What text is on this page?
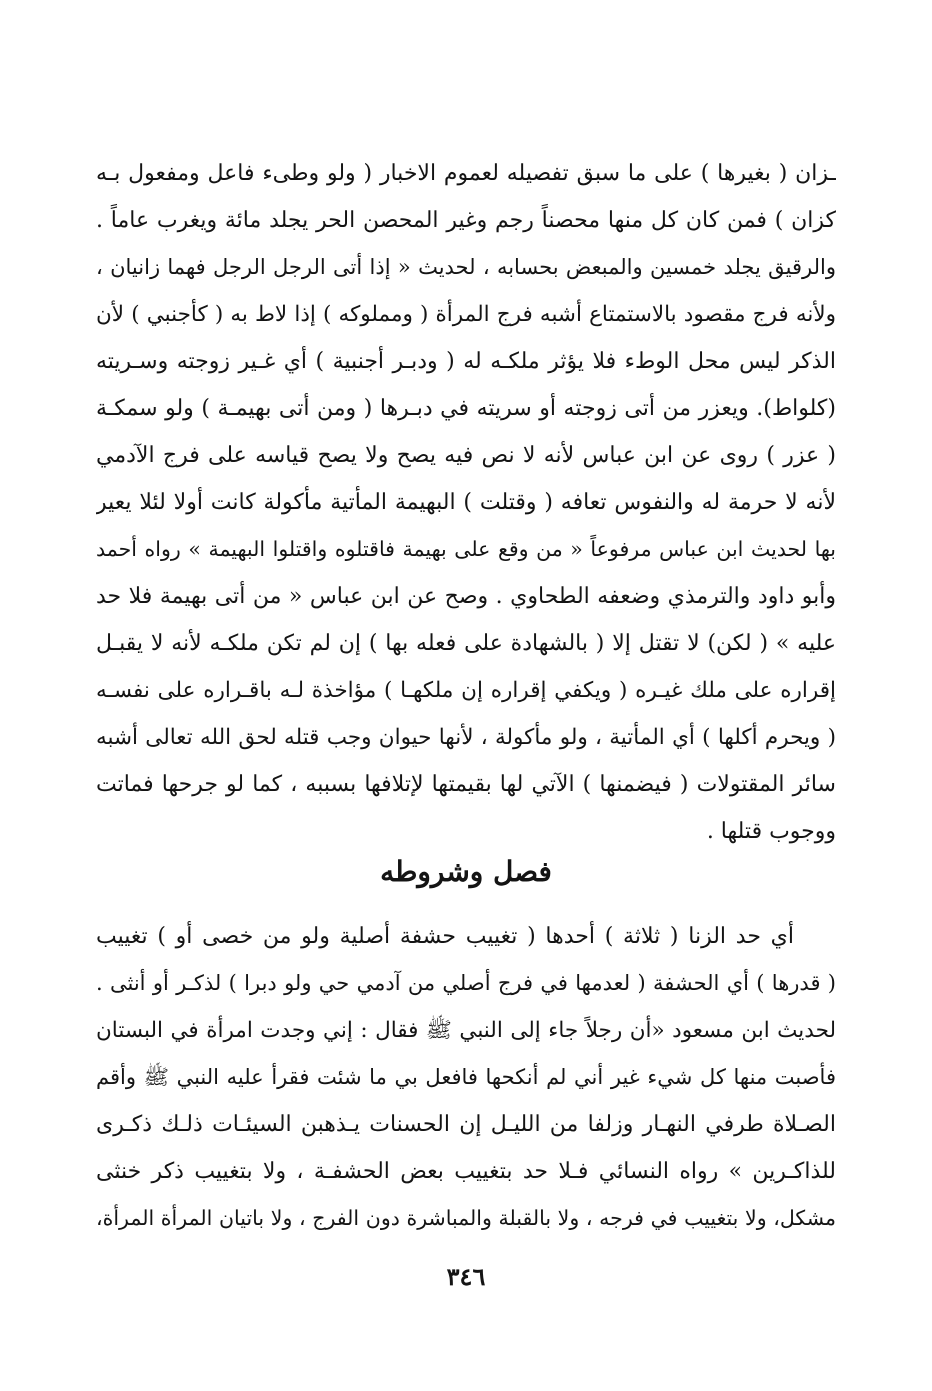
ـزان ( بغيرها ) على ما سبق تفصيله لعموم الاخبار ( ولو وطىء فاعل ومفعول بـه
كزان ) فمن كان كل منها محصناً رجم وغير المحصن الحر يجلد مائة ويغرب عاماً .
والرقيق يجلد خمسين والمبعض بحسابه ، لحديث « إذا أتى الرجل الرجل فهما زانيان ،
ولأنه فرج مقصود بالاستمتاع أشبه فرج المرأة ( ومملوكه ) إذا لاط به ( كأجنبي ) لأن
الذكر ليس محل الوطء فلا يؤثر ملكـه له ( ودبـر أجنبية ) أي غـير زوجته وسـريته
(كلواط). ويعزر من أتى زوجته أو سريته في دبـرها ( ومن أتى بهيمـة ) ولو سمكـة
( عزر ) روى عن ابن عباس لأنه لا نص فيه يصح ولا يصح قياسه على فرج الآدمي
لأنه لا حرمة له والنفوس تعافه ( وقتلت ) البهيمة المأتية مأكولة كانت أولا لئلا يعير
بها لحديث ابن عباس مرفوعاً « من وقع على بهيمة فاقتلوه واقتلوا البهيمة » رواه أحمد
وأبو داود والترمذي وضعفه الطحاوي . وصح عن ابن عباس « من أتى بهيمة فلا حد
عليه » ( لكن) لا تقتل إلا ( بالشهادة على فعله بها ) إن لم تكن ملكـه لأنه لا يقبـل
إقراره على ملك غيـره ( ويكفي إقراره إن ملكهـا ) مؤاخذة لـه باقـراره على نفسـه
( ويحرم أكلها ) أي المأتية ، ولو مأكولة ، لأنها حيوان وجب قتله لحق الله تعالى أشبه
سائر المقتولات ( فيضمنها ) الآتي لها بقيمتها لإتلافها بسببه ، كما لو جرحها فماتت
ووجوب قتلها .
فصل وشروطه
أي حد الزنا ( ثلاثة ) أحدها ( تغييب حشفة أصلية ولو من خصى أو ) تغييب
( قدرها ) أي الحشفة ( لعدمها في فرج أصلي من آدمي حي ولو دبرا ) لذكـر أو أنثى .
لحديث ابن مسعود «أن رجلاً جاء إلى النبي ﷺ فقال : إني وجدت امرأة في البستان
فأصبت منها كل شيء غير أني لم أنكحها فافعل بي ما شئت فقرأ عليه النبي ﷺ وأقم
الصـلاة طرفي النهـار وزلفا من الليـل إن الحسنات يـذهبن السيئـات ذلـك ذكـرى
للذاكـرين » رواه النسائي فـلا حد بتغييب بعض الحشفـة ، ولا بتغييب ذكر خنثى
مشكل، ولا بتغييب في فرجه ، ولا بالقبلة والمباشرة دون الفرج ، ولا باتيان المرأة المرأة،
٣٤٦
